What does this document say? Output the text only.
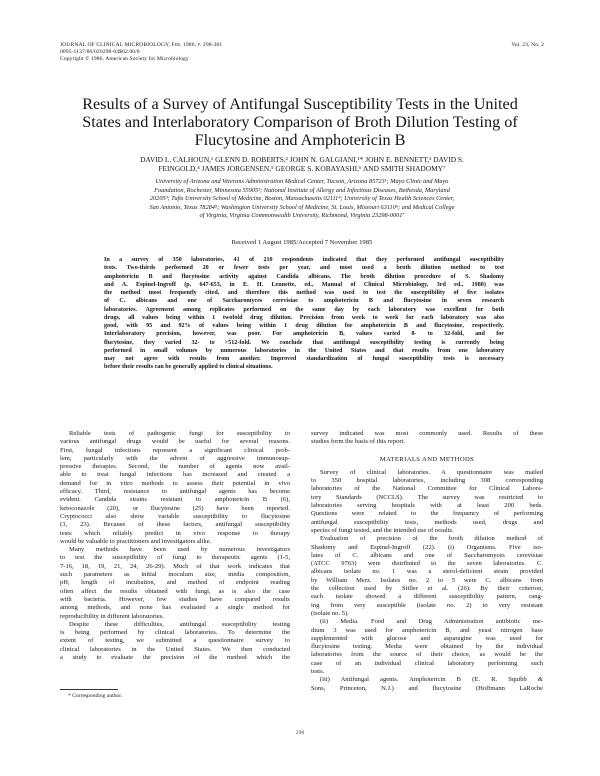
JOURNAL OF CLINICAL MICROBIOLOGY, Feb. 1986, p. 298-301
0095-1137/86/020298-04$02.00/0
Copyright © 1986, American Society for Microbiology
Vol. 23, No. 2
Results of a Survey of Antifungal Susceptibility Tests in the United
States and Interlaboratory Comparison of Broth Dilution Testing of
Flucytosine and Amphotericin B
DAVID L. CALHOUN,¹ GLENN D. ROBERTS,² JOHN N. GALGIANI,¹* JOHN E. BENNETT,³ DAVID S.
FEINGOLD,⁴ JAMES JORGENSEN,⁵ GEORGE S. KOBAYASHI,⁶ AND SMITH SHADOMY⁷
University of Arizona and Veterans Administration Medical Center, Tucson, Arizona 85723¹; Mayo Clinic and Mayo
Foundation, Rochester, Minnesota 55905²; National Institute of Allergy and Infectious Diseases, Bethesda, Maryland
20205³; Tufts University School of Medicine, Boston, Massachusetts 02111⁴; University of Texas Health Sciences Center,
San Antonio, Texas 78284⁵; Washington University School of Medicine, St. Louis, Missouri 63110⁶; and Medical College
of Virginia, Virginia Commonwealth University, Richmond, Virginia 23298-0001⁷
Received 1 August 1985/Accepted 7 November 1985
In a survey of 350 laboratories, 41 of 210 respondents indicated that they performed antifungal susceptibility
tests. Two-thirds performed 20 or fewer tests per year, and most used a broth dilution method to test
amphotericin B and flucytosine activity against Candida albicans. The broth dilution procedure of S. Shadomy
and A. Espinel-Ingroff (p. 647-653, in E. H. Lennette, ed., Manual of Clinical Microbiology, 3rd ed., 1980) was
the method most frequently cited, and therefore this method was used to test the susceptibility of five isolates
of C. albicans and one of Saccharomyces cerevisiae to amphotericin B and flucytosine in seven research
laboratories. Agreement among replicates performed on the same day by each laboratory was excellent for both
drugs, all values being within 1 twofold drug dilution. Precision from week to week for each laboratory was also
good, with 95 and 92% of values being within 1 drug dilution for amphotericin B and flucytosine, respectively.
Interlaboratory precision, however, was poor. For amphotericin B, values varied 8- to 32-fold, and for
flucytosine, they varied 32- to >512-fold. We conclude that antifungal susceptibility testing is currently being
performed in small volumes by numerous laboratories in the United States and that results from one laboratory
may not agree with results from another. Improved standardization of fungal susceptibility tests is necessary
before their results can be generally applied to clinical situations.
Reliable tests of pathogenic fungi for susceptibility to
various antifungal drugs would be useful for several reasons.
First, fungal infections represent a significant clinical prob-
lem, particularly with the advent of aggressive immunosup-
pressive therapies. Second, the number of agents now avail-
able to treat fungal infections has increased and created a
demand for in vitro methods to assess their potential in vivo
efficacy. Third, resistance to antifungal agents has become
evident. Candida strains resistant to amphotericin B (6),
ketoconazole (20), or flucytosine (25) have been reported.
Cryptococci also show variable susceptibility to flucytosine
(3, 23). Because of these factors, antifungal susceptibility
tests which reliably predict in vivo response to therapy
would be valuable to practitioners and investigators alike.
Many methods have been used by numerous investigators
to test the susceptibility of fungi to therapeutic agents (1-5,
7-16, 18, 19, 21, 24, 26-29). Much of that work indicates that
such parameters as initial inoculum size, media composition,
pH, length of incubation, and method of endpoint reading
often affect the results obtained with fungi, as is also the case
with bacteria. However, few studies have compared results
among methods, and none has evaluated a single method for
reproducibility in different laboratories.
Despite these difficulties, antifungal susceptibility testing
is being performed by clinical laboratories. To determine the
extent of testing, we submitted a questionnaire survey to
clinical laboratories in the United States. We then conducted
a study to evaluate the precision of the method which the
survey indicated was most commonly used. Results of these
studies form the basis of this report.
MATERIALS AND METHODS
Survey of clinical laboratories. A questionnaire was mailed
to 350 hospital laboratories, including 308 corresponding
laboratories of the National Committee for Clinical Labora-
tory Standards (NCCLS). The survey was restricted to
laboratories serving hospitals with at least 200 beds.
Questions were related to the frequency of performing
antifungal susceptibility tests, methods used, drugs and
species of fungi tested, and the intended use of results.
Evaluation of precision of the broth dilution method of
Shadomy and Espinel-Ingroff (22). (i) Organisms. Five iso-
lates of C. albicans and one of Saccharomyces cerevisiae
(ATCC 9763) were distributed to the seven laboratories. C.
albicans isolate no. 1 was a sterol-deficient strain provided
by William Merz. Isolates no. 2 to 5 were C. albicans from
the collection used by Stiller et al. (26). By their criterion,
each isolate showed a different susceptibility pattern, rang-
ing from very susceptible (isolate no. 2) to very resistant
(isolate no. 5).
(ii) Media. Food and Drug Administration antibiotic me-
dium 3 was used for amphotericin B, and yeast nitrogen base
supplemented with glucose and asparagine was used for
flucytosine testing. Media were obtained by the individual
laboratories from the source of their choice, as would be the
case of an individual clinical laboratory performing such
tests.
(iii) Antifungal agents. Amphotericin B (E. R. Squibb &
Sons, Princeton, N.J.) and flucytosine (Hoffmann LaRoche
* Corresponding author.
298
